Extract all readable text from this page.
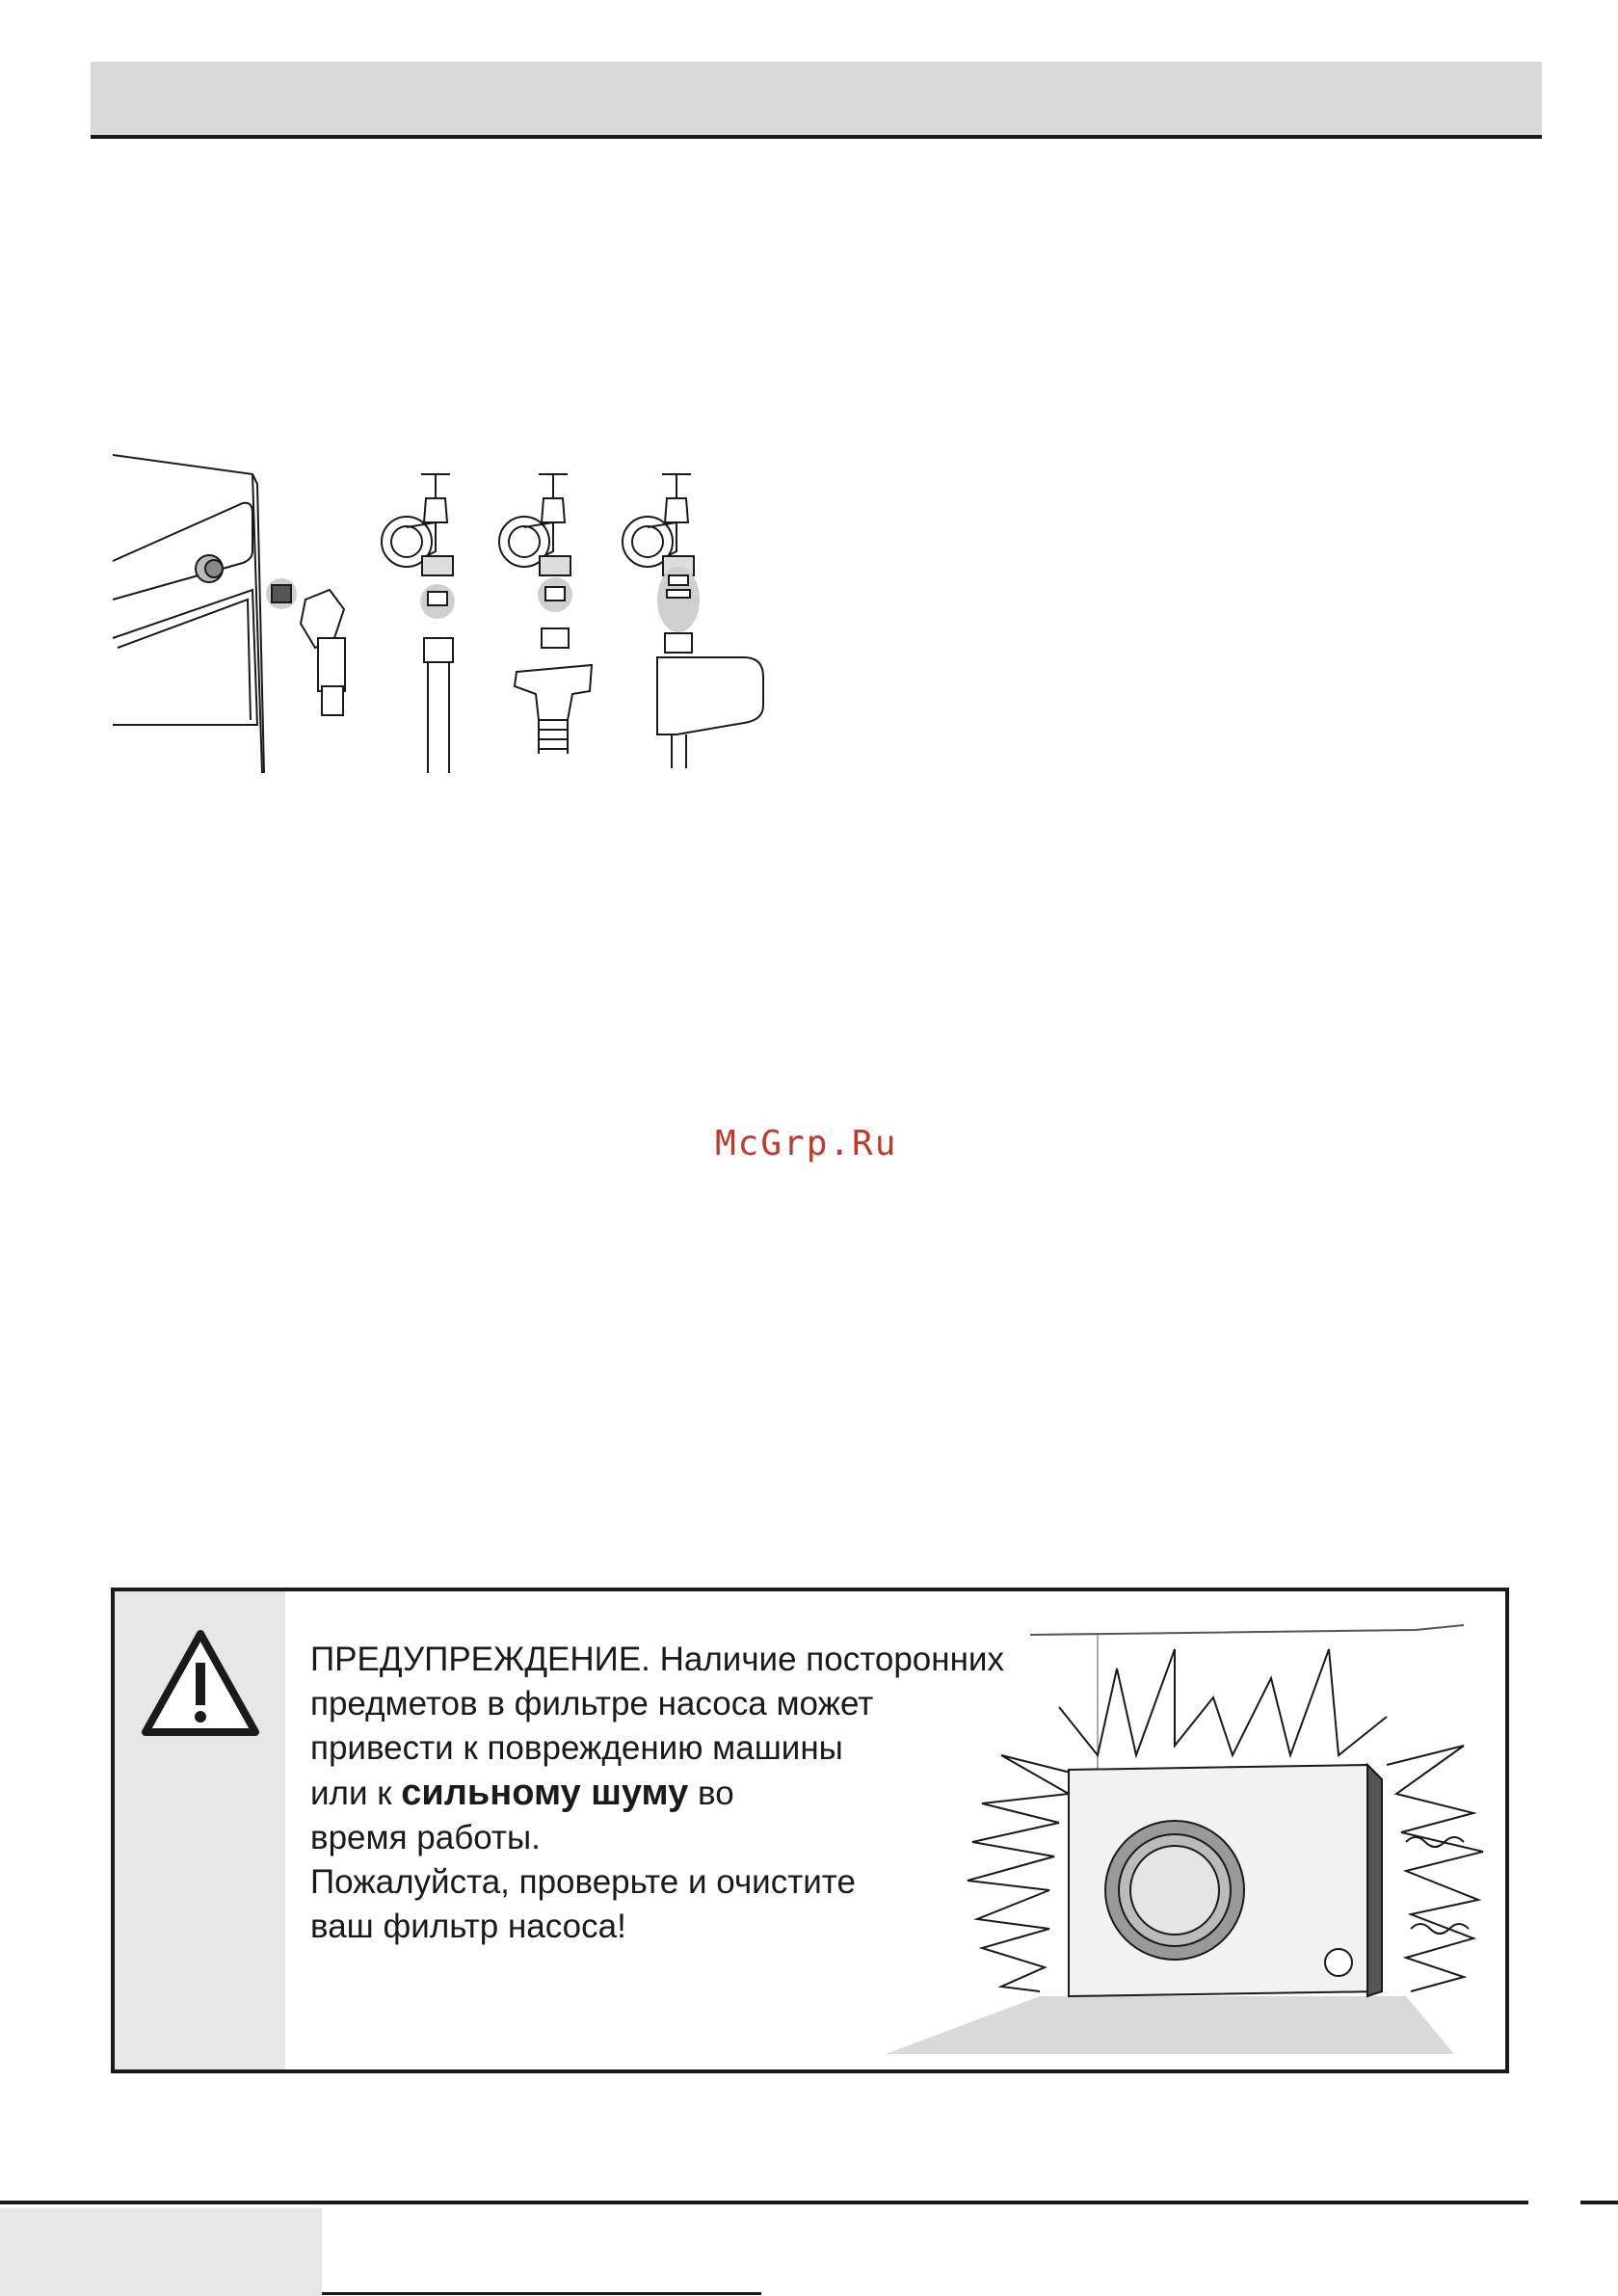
McGrp.Ru
ПРЕДУПРЕЖДЕНИЕ. Наличие посторонних
предметов в фильтре насоса может
привести к повреждению машины
или к сильному шуму во
время работы.
Пожалуйста, проверьте и очистите
ваш фильтр насоса!
